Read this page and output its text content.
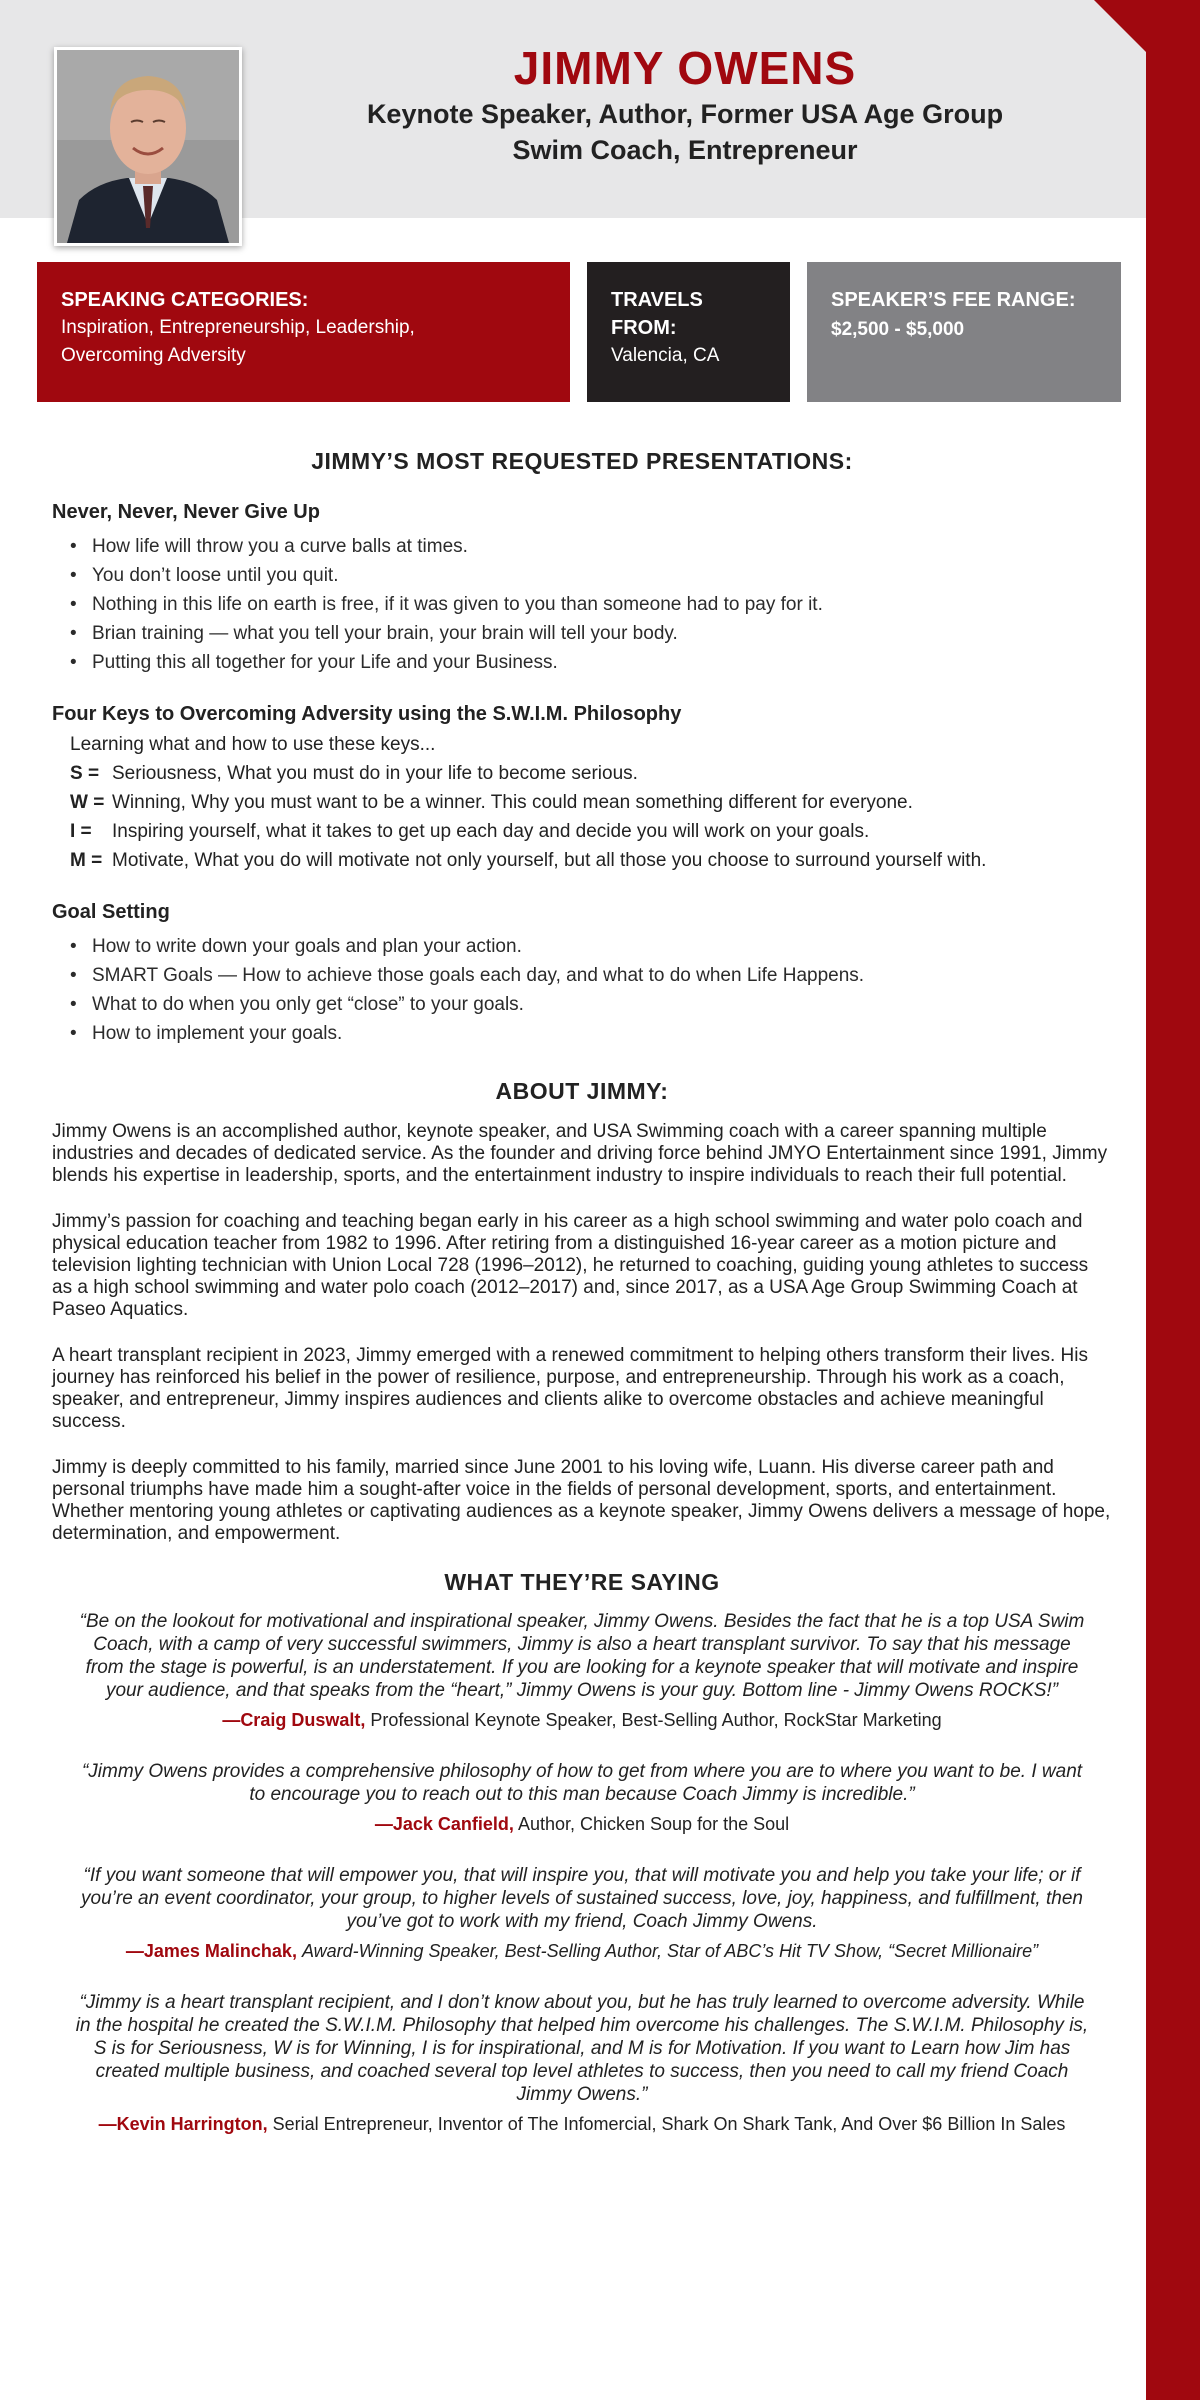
JIMMY OWENS
Keynote Speaker, Author, Former USA Age Group
Swim Coach, Entrepreneur
SPEAKING CATEGORIES:
Inspiration, Entrepreneurship, Leadership,
Overcoming Adversity
TRAVELS FROM:
Valencia, CA
SPEAKER’S FEE RANGE:
$2,500 - $5,000
JIMMY’S MOST REQUESTED PRESENTATIONS:
Never, Never, Never Give Up
• How life will throw you a curve balls at times.
• You don’t loose until you quit.
• Nothing in this life on earth is free, if it was given to you than someone had to pay for it.
• Brian training — what you tell your brain, your brain will tell your body.
• Putting this all together for your Life and your Business.
Four Keys to Overcoming Adversity using the S.W.I.M. Philosophy
Learning what and how to use these keys...
S = Seriousness, What you must do in your life to become serious.
W = Winning, Why you must want to be a winner. This could mean something different for everyone.
I =	Inspiring yourself, what it takes to get up each day and decide you will work on your goals.
M = Motivate, What you do will motivate not only yourself, but all those you choose to surround yourself with.
Goal Setting
• How to write down your goals and plan your action.
• SMART Goals — How to achieve those goals each day, and what to do when Life Happens.
• What to do when you only get “close” to your goals.
• How to implement your goals.
ABOUT JIMMY:

Jimmy Owens is an accomplished author, keynote speaker, and USA Swimming coach with a career spanning multiple industries and decades of dedicated service. As the founder and driving force behind JMYO Entertainment since 1991, Jimmy blends his expertise in leadership, sports, and the entertainment industry to inspire individuals to reach their full potential.

Jimmy’s passion for coaching and teaching began early in his career as a high school swimming and water polo coach and physical education teacher from 1982 to 1996. After retiring from a distinguished 16-year career as a motion picture and television lighting technician with Union Local 728 (1996–2012), he returned to coaching, guiding young athletes to success as a high school swimming and water polo coach (2012–2017) and, since 2017, as a USA Age Group Swimming Coach at Paseo Aquatics.

A heart transplant recipient in 2023, Jimmy emerged with a renewed commitment to helping others transform their lives. His journey has reinforced his belief in the power of resilience, purpose, and entrepreneurship. Through his work as a coach, speaker, and entrepreneur, Jimmy inspires audiences and clients alike to overcome obstacles and achieve meaningful success.

Jimmy is deeply committed to his family, married since June 2001 to his loving wife, Luann. His diverse career path and personal triumphs have made him a sought-after voice in the fields of personal development, sports, and entertainment. Whether mentoring young athletes or captivating audiences as a keynote speaker, Jimmy Owens delivers a message of hope, determination, and empowerment.

WHAT THEY’RE SAYING
“Be on the lookout for motivational and inspirational speaker, Jimmy Owens. Besides the fact that he is a top USA Swim Coach, with a camp of very successful swimmers, Jimmy is also a heart transplant survivor. To say that his message from the stage is powerful, is an understatement. If you are looking for a keynote speaker that will motivate and inspire your audience, and that speaks from the “heart,” Jimmy Owens is your guy. Bottom line - Jimmy Owens ROCKS!”
—Craig Duswalt, Professional Keynote Speaker, Best-Selling Author, RockStar Marketing
“Jimmy Owens provides a comprehensive philosophy of how to get from where you are to where you want to be. I want to encourage you to reach out to this man because Coach Jimmy is incredible.”
—Jack Canfield, Author, Chicken Soup for the Soul
“If you want someone that will empower you, that will inspire you, that will motivate you and help you take your life; or if you’re an event coordinator, your group, to higher levels of sustained success, love, joy, happiness, and fulfillment, then you’ve got to work with my friend, Coach Jimmy Owens.
—James Malinchak, Award-Winning Speaker, Best-Selling Author, Star of ABC’s Hit TV Show, “Secret Millionaire”
“Jimmy is a heart transplant recipient, and I don’t know about you, but he has truly learned to overcome adversity. While in the hospital he created the S.W.I.M. Philosophy that helped him overcome his challenges. The S.W.I.M. Philosophy is, S is for Seriousness, W is for Winning, I is for inspirational, and M is for Motivation. If you want to Learn how Jim has created multiple business, and coached several top level athletes to success, then you need to call my friend Coach Jimmy Owens.”
—Kevin Harrington, Serial Entrepreneur, Inventor of The Infomercial, Shark On Shark Tank, And Over $6 Billion In Sales
